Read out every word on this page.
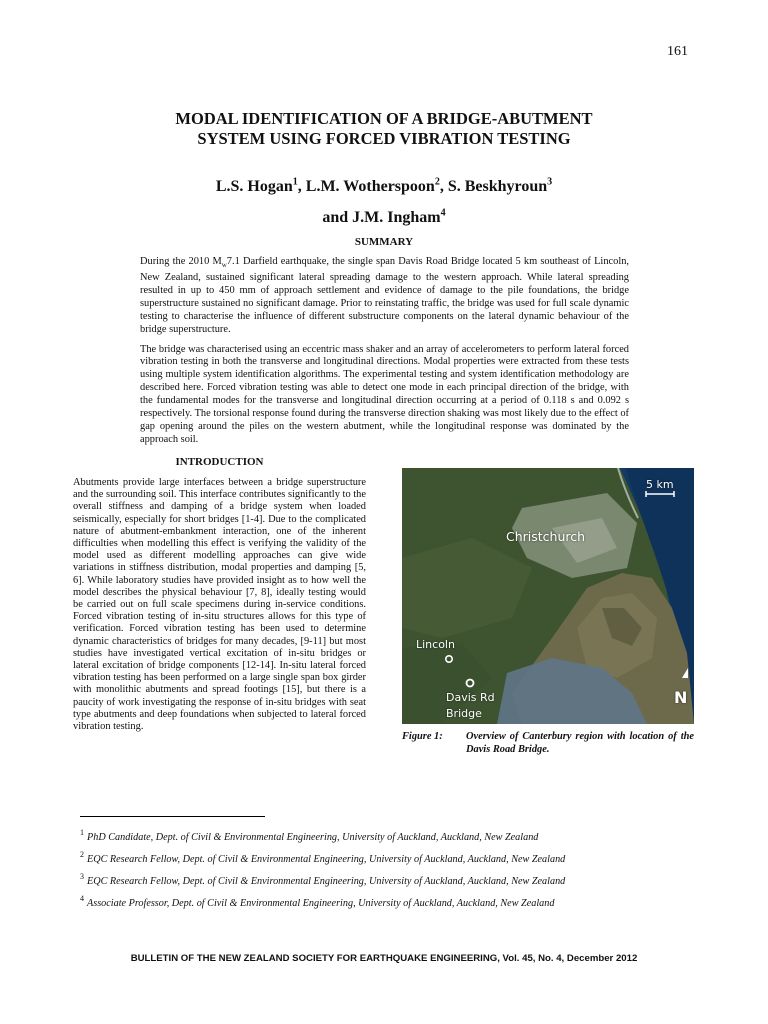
161
MODAL IDENTIFICATION OF A BRIDGE-ABUTMENT
SYSTEM USING FORCED VIBRATION TESTING
L.S. Hogan$^1$, L.M. Wotherspoon$^2$, S. Beskhyroun$^3$
and J.M. Ingham$^4$
SUMMARY

During the 2010 $M_w7.1$ Darfield earthquake, the single span Davis Road Bridge located 5 km southeast of Lincoln, New Zealand, sustained significant lateral spreading damage to the western approach. While lateral spreading resulted in up to 450 mm of approach settlement and evidence of damage to the pile foundations, the bridge superstructure sustained no significant damage. Prior to reinstating traffic, the bridge was used for full scale dynamic testing to characterise the influence of different substructure components on the lateral dynamic behaviour of the bridge superstructure.

The bridge was characterised using an eccentric mass shaker and an array of accelerometers to perform lateral forced vibration testing in both the transverse and longitudinal directions. Modal properties were extracted from these tests using multiple system identification algorithms. The experimental testing and system identification methodology are described here. Forced vibration testing was able to detect one mode in each principal direction of the bridge, with the fundamental modes for the transverse and longitudinal direction occurring at a period of 0.118 s and 0.092 s respectively. The torsional response found during the transverse direction shaking was most likely due to the effect of gap opening around the piles on the western abutment, while the longitudinal response was dominated by the approach soil.

INTRODUCTION

Abutments provide large interfaces between a bridge superstructure and the surrounding soil. This interface contributes significantly to the overall stiffness and damping of a bridge system when loaded seismically, especially for short bridges [1-4]. Due to the complicated nature of abutment-embankment interaction, one of the inherent difficulties when modelling this effect is verifying the validity of the model used as different modelling approaches can give wide variations in stiffness distribution, modal properties and damping [5, 6]. While laboratory studies have provided insight as to how well the model describes the physical behaviour [7, 8], ideally testing would be carried out on full scale specimens during in-service conditions. Forced vibration testing of in-situ structures allows for this type of verification. Forced vibration testing has been used to determine dynamic characteristics of bridges for many decades, [9-11] but most studies have investigated vertical excitation of in-situ bridges or lateral excitation of bridge components [12-14]. In-situ lateral forced vibration testing has been performed on a large single span box girder with monolithic abutments and spread footings [15], but there is a paucity of work investigating the response of in-situ bridges with seat type abutments and deep foundations when subjected to lateral forced vibration testing.

Christchurch
Lincoln
Davis Rd
Bridge
5 km
N
Figure 1:	Overview of Canterbury region with location of the Davis Road Bridge.
$^1$ PhD Candidate, Dept. of Civil & Environmental Engineering, University of Auckland, Auckland, New Zealand
$^2$ EQC Research Fellow, Dept. of Civil & Environmental Engineering, University of Auckland, Auckland, New Zealand
$^3$ EQC Research Fellow, Dept. of Civil & Environmental Engineering, University of Auckland, Auckland, New Zealand
$^4$ Associate Professor, Dept. of Civil & Environmental Engineering, University of Auckland, Auckland, New Zealand
BULLETIN OF THE NEW ZEALAND SOCIETY FOR EARTHQUAKE ENGINEERING, Vol. 45, No. 4, December 2012
